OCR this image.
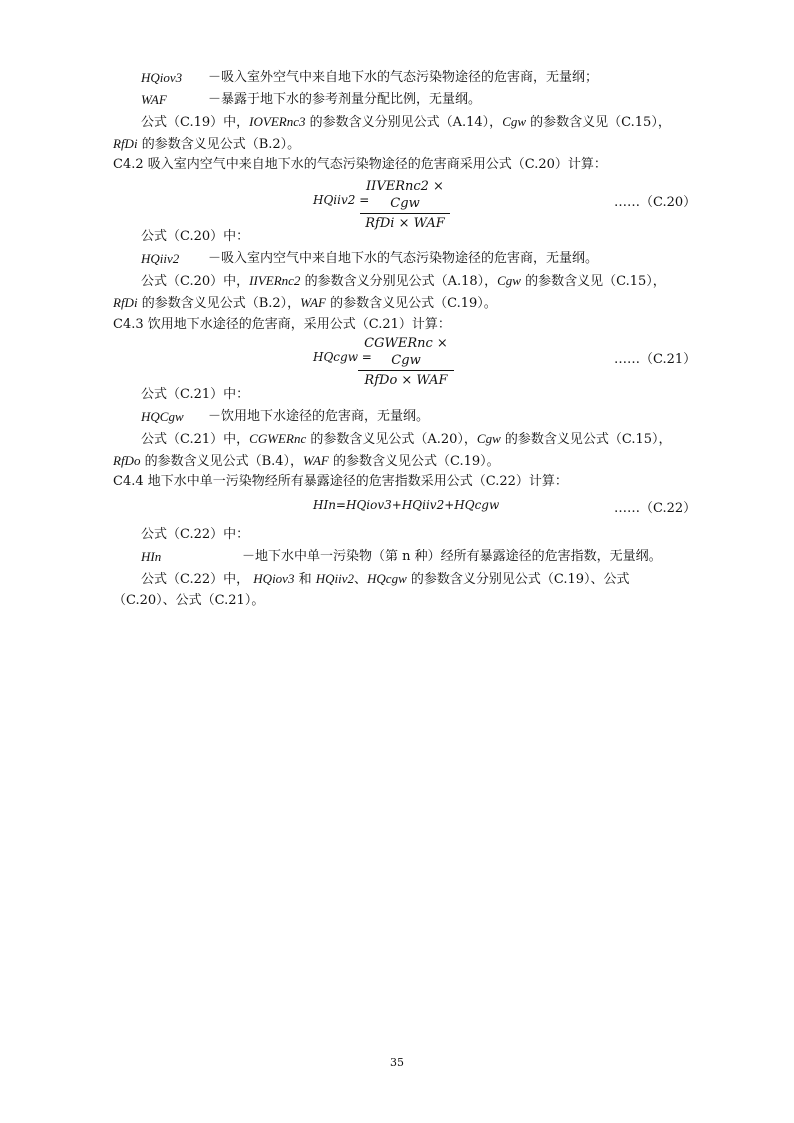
HQiov3 －吸入室外空气中来自地下水的气态污染物途径的危害商，无量纲；
WAF	－暴露于地下水的参考剂量分配比例，无量纲。
公式（C.19）中，IOVERnc3 的参数含义分别见公式（A.14），Cgw 的参数含义见（C.15），
RfDi 的参数含义见公式（B.2）。
C4.2 吸入室内空气中来自地下水的气态污染物途径的危害商采用公式（C.20）计算：
HQiiv2 =
IIVERnc2 × Cgw
RfDi × WAF
……（C.20）
公式（C.20）中：
HQiiv2 －吸入室内空气中来自地下水的气态污染物途径的危害商，无量纲。
公式（C.20）中，IIVERnc2 的参数含义分别见公式（A.18），Cgw 的参数含义见（C.15），
RfDi 的参数含义见公式（B.2），WAF 的参数含义见公式（C.19）。
C4.3 饮用地下水途径的危害商，采用公式（C.21）计算：
HQcgw =
CGWERnc × Cgw
RfDo × WAF
……（C.21）
公式（C.21）中：
HQCgw －饮用地下水途径的危害商，无量纲。
公式（C.21）中，CGWERnc 的参数含义见公式（A.20），Cgw 的参数含义见公式（C.15），
RfDo 的参数含义见公式（B.4），WAF 的参数含义见公式（C.19）。
C4.4 地下水中单一污染物经所有暴露途径的危害指数采用公式（C.22）计算：
HIn=HQiov3+HQiiv2+HQcgw	……（C.22）
公式（C.22）中：
HIn	－地下水中单一污染物（第 n 种）经所有暴露途径的危害指数，无量纲。
公式（C.22）中， HQiov3 和 HQiiv2、HQcgw 的参数含义分别见公式（C.19）、公式
（C.20）、公式（C.21）。
35
